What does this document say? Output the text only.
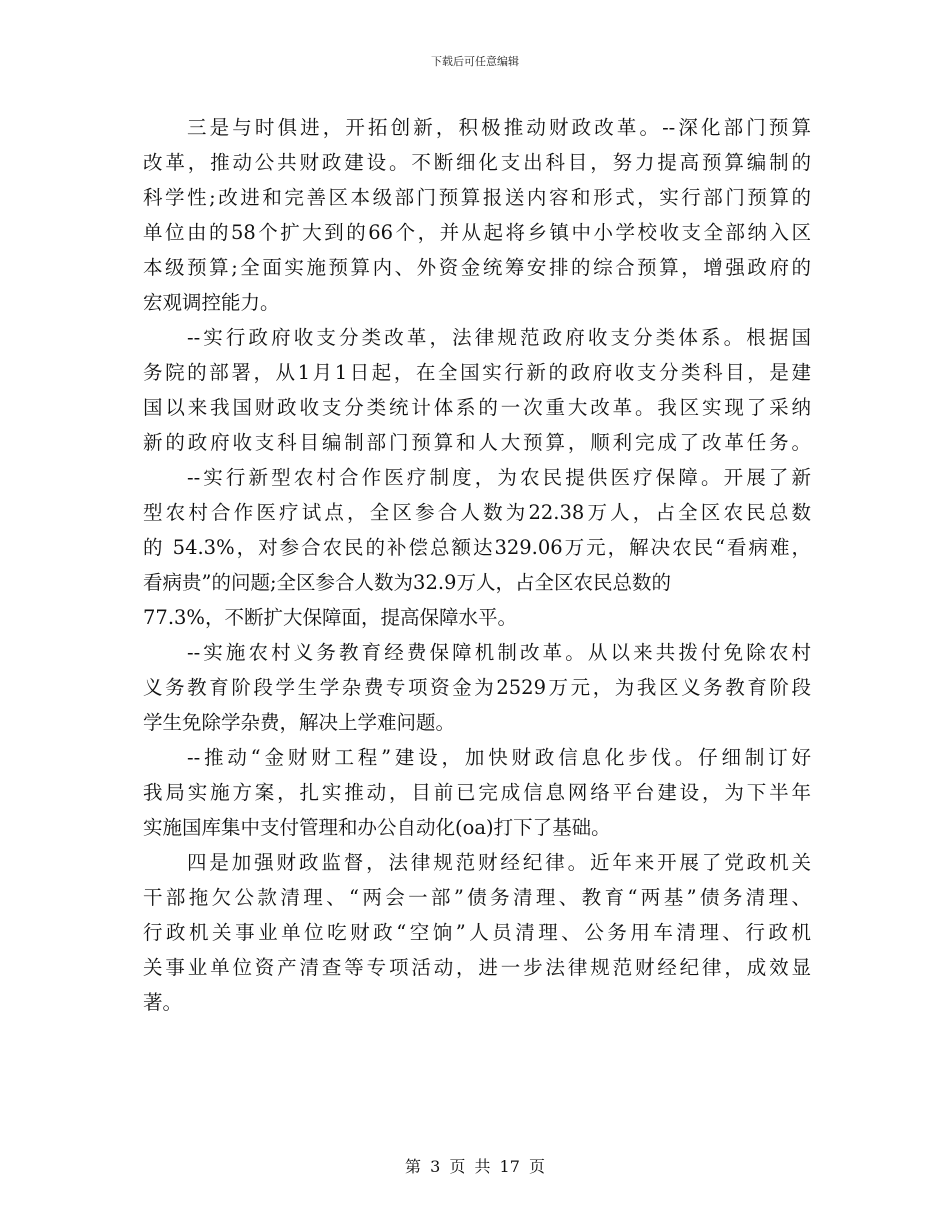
下载后可任意编辑
三是与时俱进，开拓创新，积极推动财政改革。--深化部门预算
改革，推动公共财政建设。不断细化支出科目，努力提高预算编制的
科学性;改进和完善区本级部门预算报送内容和形式，实行部门预算的
单位由的58个扩大到的66个，并从起将乡镇中小学校收支全部纳入区
本级预算;全面实施预算内、外资金统筹安排的综合预算，增强政府的
宏观调控能力。
--实行政府收支分类改革，法律规范政府收支分类体系。根据国
务院的部署，从1月1日起，在全国实行新的政府收支分类科目，是建
国以来我国财政收支分类统计体系的一次重大改革。我区实现了采纳
新的政府收支科目编制部门预算和人大预算，顺利完成了改革任务。
--实行新型农村合作医疗制度，为农民提供医疗保障。开展了新
型农村合作医疗试点，全区参合人数为22.38万人，占全区农民总数
的 54.3%，对参合农民的补偿总额达329.06万元，解决农民“看病难，
看病贵”的问题;全区参合人数为32.9万人，占全区农民总数的
77.3%，不断扩大保障面，提高保障水平。
--实施农村义务教育经费保障机制改革。从以来共拨付免除农村
义务教育阶段学生学杂费专项资金为2529万元，为我区义务教育阶段
学生免除学杂费，解决上学难问题。
--推动“金财财工程”建设，加快财政信息化步伐。仔细制订好
我局实施方案，扎实推动，目前已完成信息网络平台建设，为下半年
实施国库集中支付管理和办公自动化(oa)打下了基础。
四是加强财政监督，法律规范财经纪律。近年来开展了党政机关
干部拖欠公款清理、“两会一部”债务清理、教育“两基”债务清理、
行政机关事业单位吃财政“空饷”人员清理、公务用车清理、行政机
关事业单位资产清查等专项活动，进一步法律规范财经纪律，成效显
著。
第 3 页 共 17 页
